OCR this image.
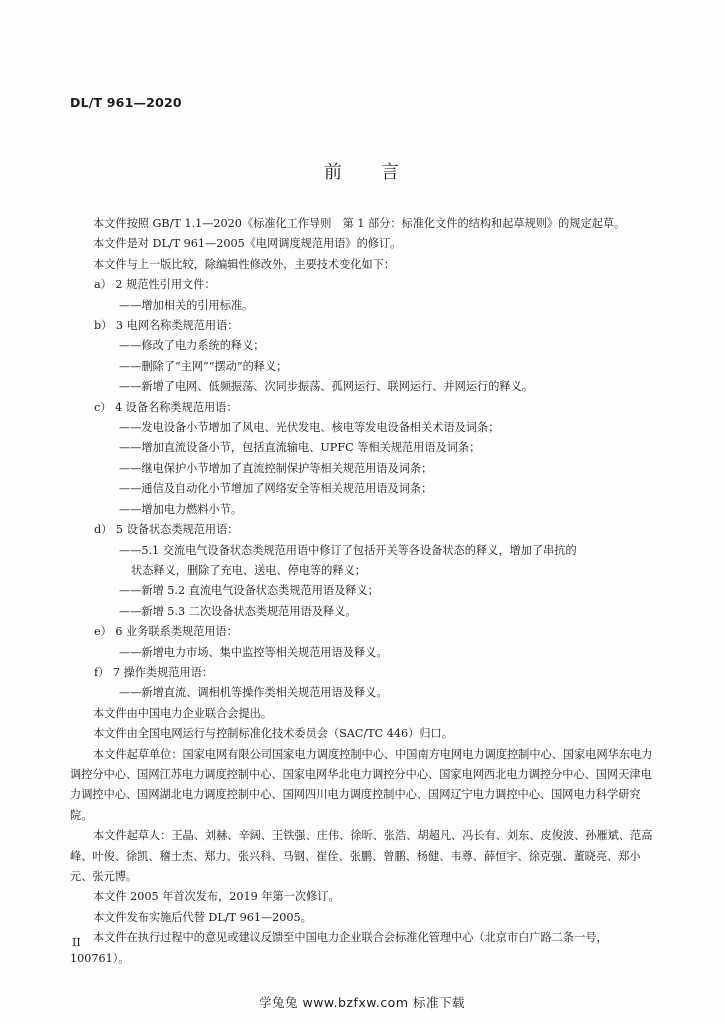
DL/T 961—2020
前　　言

本文件按照 GB/T 1.1—2020《标准化工作导则　第 1 部分：标准化文件的结构和起草规则》的规定起草。

本文件是对 DL/T 961—2005《电网调度规范用语》的修订。

本文件与上一版比较，除编辑性修改外，主要技术变化如下：

a） 2 规范性引用文件：

——增加相关的引用标准。

b） 3 电网名称类规范用语：

——修改了电力系统的释义；

——删除了“主网”“摆动”的释义；

——新增了电网、低频振荡、次同步振荡、孤网运行、联网运行、并网运行的释义。

c） 4 设备名称类规范用语：

——发电设备小节增加了风电、光伏发电、核电等发电设备相关术语及词条；

——增加直流设备小节，包括直流输电、UPFC 等相关规范用语及词条；

——继电保护小节增加了直流控制保护等相关规范用语及词条；

——通信及自动化小节增加了网络安全等相关规范用语及词条；

——增加电力燃料小节。

d） 5 设备状态类规范用语：

——5.1 交流电气设备状态类规范用语中修订了包括开关等各设备状态的释义，增加了串抗的

状态释义，删除了充电、送电、停电等的释义；

——新增 5.2 直流电气设备状态类规范用语及释义；

——新增 5.3 二次设备状态类规范用语及释义。

e） 6 业务联系类规范用语：

——新增电力市场、集中监控等相关规范用语及释义。

f） 7 操作类规范用语：

——新增直流、调相机等操作类相关规范用语及释义。

本文件由中国电力企业联合会提出。

本文件由全国电网运行与控制标准化技术委员会（SAC/TC 446）归口。

本文件起草单位：国家电网有限公司国家电力调度控制中心、中国南方电网电力调度控制中心、国家电网华东电力调控分中心、国网江苏电力调度控制中心、国家电网华北电力调控分中心、国家电网西北电力调控分中心、国网天津电力调控中心、国网湖北电力调度控制中心、国网四川电力调度控制中心、国网辽宁电力调控中心、国网电力科学研究院。

本文件起草人：王晶、刘赫、辛阔、王铁强、庄伟、徐昕、张浩、胡超凡、冯长有、刘东、皮俊波、孙雁斌、范高峰、叶俊、徐凯、稽士杰、郑力、张兴科、马钢、崔佺、张鹏、曾鹏、杨健、韦尊、薛恒宇、徐克强、董晓亮、郑小元、张元博。

本文件 2005 年首次发布，2019 年第一次修订。

本文件发布实施后代替 DL/T 961—2005。

本文件在执行过程中的意见或建议反馈至中国电力企业联合会标准化管理中心（北京市白广路二条一号，100761）。

II
学兔兔 www.bzfxw.com 标准下载
